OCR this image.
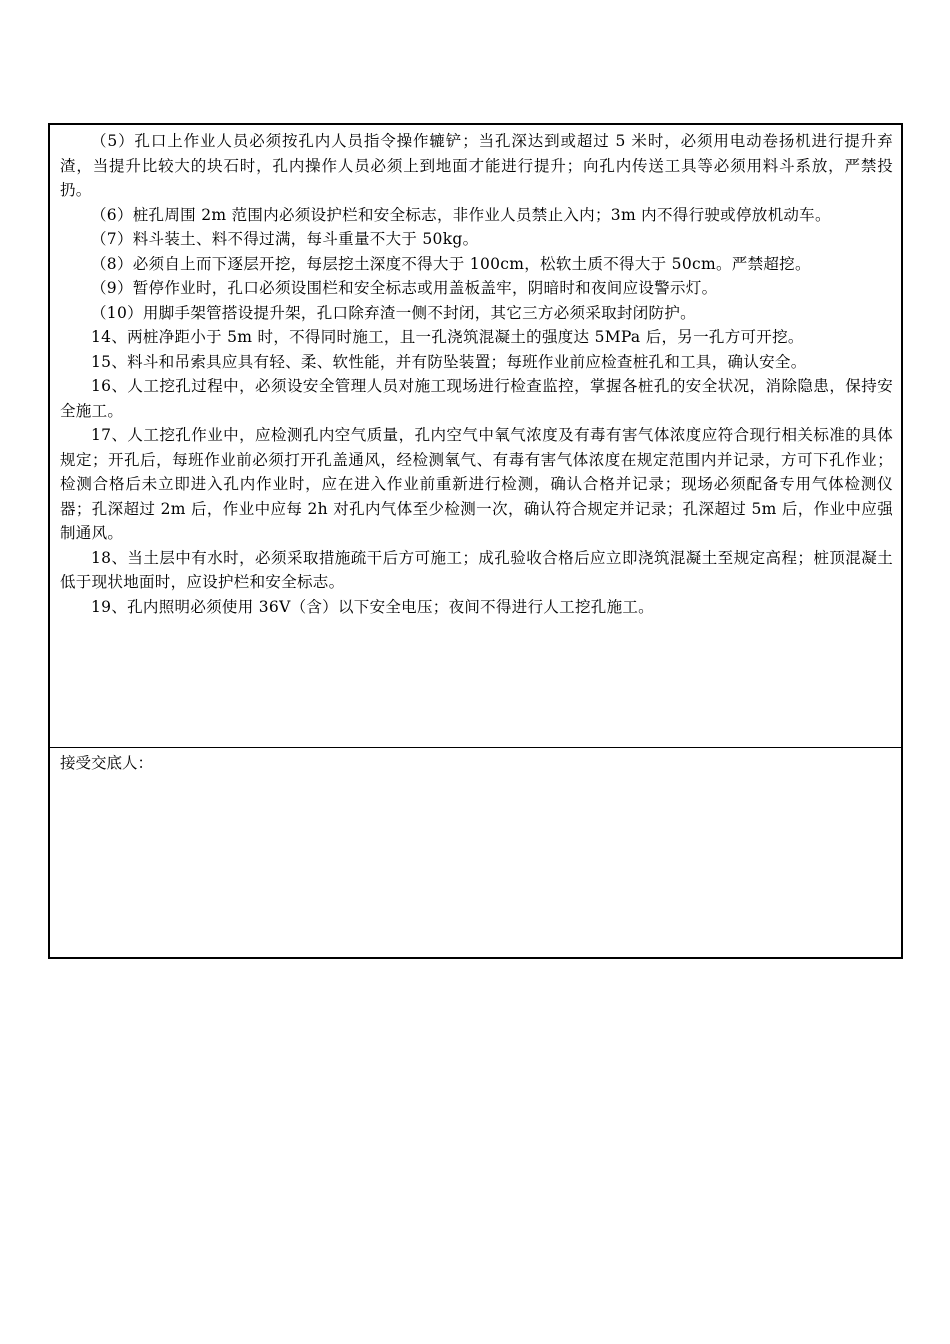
（5）孔口上作业人员必须按孔内人员指令操作辘铲；当孔深达到或超过 5 米时，必须用电动卷扬机进行提升弃渣，当提升比较大的块石时，孔内操作人员必须上到地面才能进行提升；向孔内传送工具等必须用料斗系放，严禁投扔。

（6）桩孔周围 2m 范围内必须设护栏和安全标志，非作业人员禁止入内；3m 内不得行驶或停放机动车。

（7）料斗装土、料不得过满，每斗重量不大于 50kg。

（8）必须自上而下逐层开挖，每层挖土深度不得大于 100cm，松软土质不得大于 50cm。严禁超挖。

（9）暂停作业时，孔口必须设围栏和安全标志或用盖板盖牢，阴暗时和夜间应设警示灯。

（10）用脚手架管搭设提升架，孔口除弃渣一侧不封闭，其它三方必须采取封闭防护。

14、两桩净距小于 5m 时，不得同时施工，且一孔浇筑混凝土的强度达 5MPa 后，另一孔方可开挖。

15、料斗和吊索具应具有轻、柔、软性能，并有防坠装置；每班作业前应检查桩孔和工具，确认安全。

16、人工挖孔过程中，必须设安全管理人员对施工现场进行检查监控，掌握各桩孔的安全状况，消除隐患，保持安全施工。

17、人工挖孔作业中，应检测孔内空气质量，孔内空气中氧气浓度及有毒有害气体浓度应符合现行相关标准的具体规定；开孔后，每班作业前必须打开孔盖通风，经检测氧气、有毒有害气体浓度在规定范围内并记录，方可下孔作业；检测合格后未立即进入孔内作业时，应在进入作业前重新进行检测，确认合格并记录；现场必须配备专用气体检测仪器；孔深超过 2m 后，作业中应每 2h 对孔内气体至少检测一次，确认符合规定并记录；孔深超过 5m 后，作业中应强制通风。

18、当土层中有水时，必须采取措施疏干后方可施工；成孔验收合格后应立即浇筑混凝土至规定高程；桩顶混凝土低于现状地面时，应设护栏和安全标志。

19、孔内照明必须使用 36V（含）以下安全电压；夜间不得进行人工挖孔施工。

接受交底人：
